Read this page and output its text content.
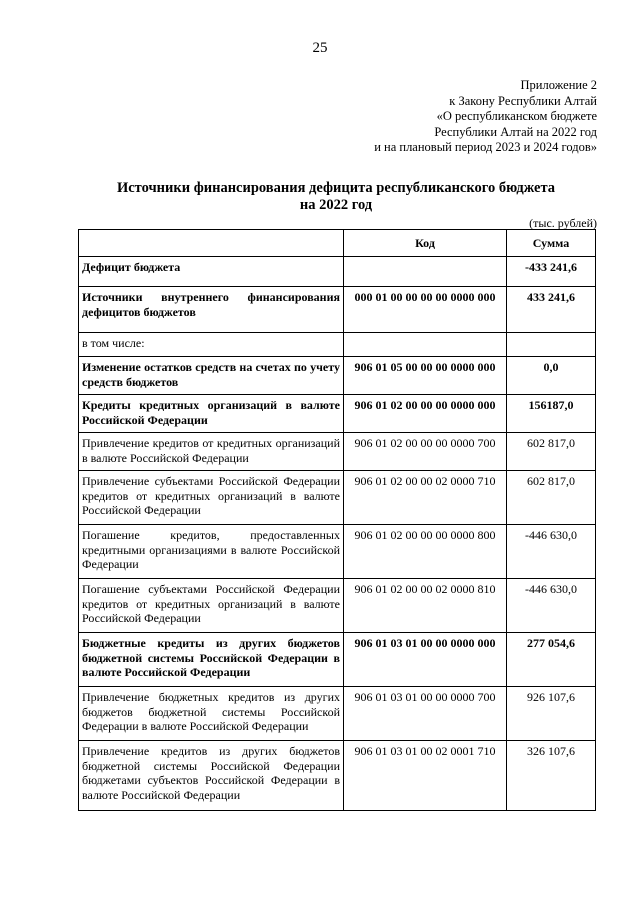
25
Приложение 2
к Закону Республики Алтай
«О республиканском бюджете
Республики Алтай на 2022 год
и на плановый период 2023 и 2024 годов»
Источники финансирования дефицита республиканского бюджета
на 2022 год
(тыс. рублей)
	Код	Сумма
Дефицит бюджета		-433 241,6
Источники внутреннего финансирования дефицитов бюджетов	000 01 00 00 00 00 0000 000	433 241,6
в том числе:		
Изменение остатков средств на счетах по учету средств бюджетов	906 01 05 00 00 00 0000 000	0,0
Кредиты кредитных организаций в валюте Российской Федерации	906 01 02 00 00 00 0000 000	156187,0
Привлечение кредитов от кредитных организаций в валюте Российской Федерации	906 01 02 00 00 00 0000 700	602 817,0
Привлечение субъектами Российской Федерации кредитов от кредитных организаций в валюте Российской Федерации	906 01 02 00 00 02 0000 710	602 817,0
Погашение кредитов, предоставленных кредитными организациями в валюте Российской Федерации	906 01 02 00 00 00 0000 800	-446 630,0
Погашение субъектами Российской Федерации кредитов от кредитных организаций в валюте Российской Федерации	906 01 02 00 00 02 0000 810	-446 630,0
Бюджетные кредиты из других бюджетов бюджетной системы Российской Федерации в валюте Российской Федерации	906 01 03 01 00 00 0000 000	277 054,6
Привлечение бюджетных кредитов из других бюджетов бюджетной системы Российской Федерации в валюте Российской Федерации	906 01 03 01 00 00 0000 700	926 107,6
Привлечение кредитов из других бюджетов бюджетной системы Российской Федерации бюджетами субъектов Российской Федерации в валюте Российской Федерации	906 01 03 01 00 02 0001 710	326 107,6
